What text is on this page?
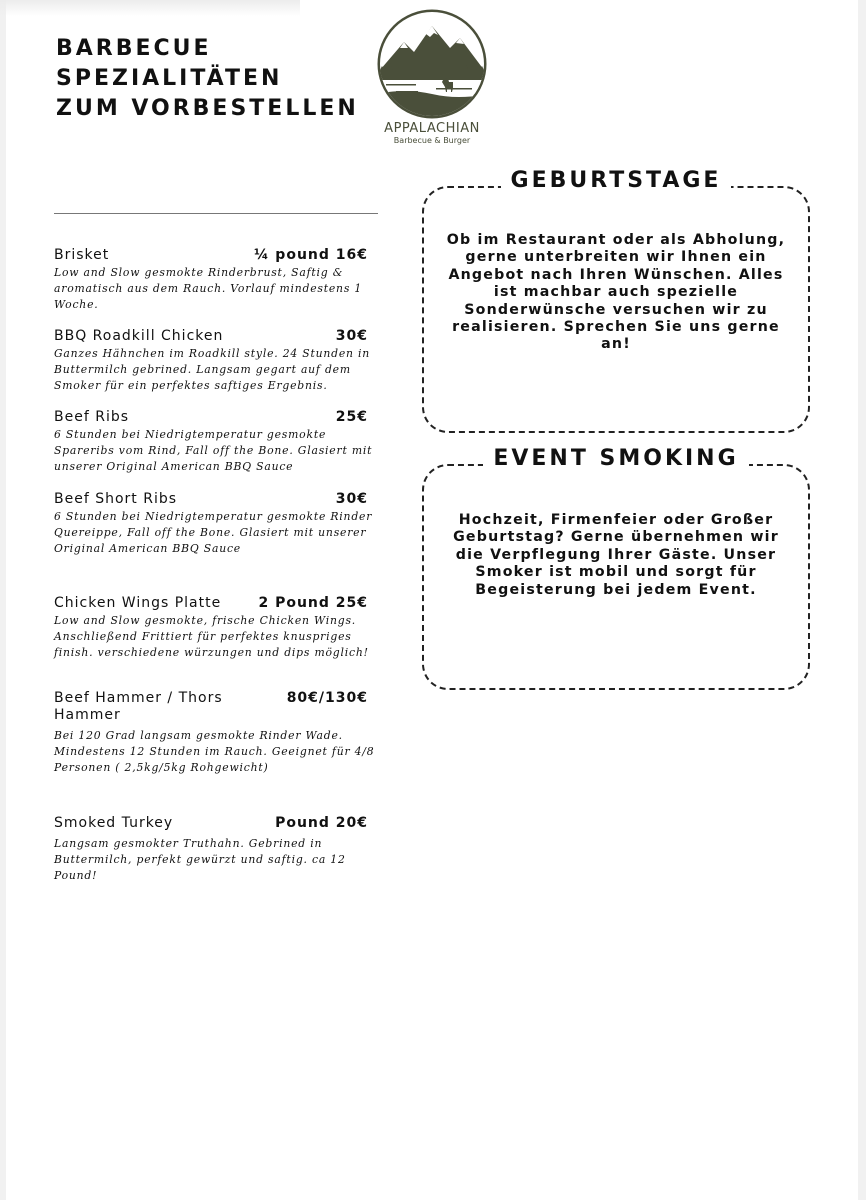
BARBECUE
SPEZIALITÄTEN
ZUM VORBESTELLEN
APPALACHIAN
Barbecue & Burger
Brisket	¼ pound 16€
Low and Slow gesmokte Rinderbrust, Saftig & aromatisch aus dem Rauch. Vorlauf mindestens 1 Woche.
BBQ Roadkill Chicken	30€
Ganzes Hähnchen im Roadkill style. 24 Stunden in Buttermilch gebrined. Langsam gegart auf dem Smoker für ein perfektes saftiges Ergebnis.
Beef Ribs	25€
6 Stunden bei Niedrigtemperatur gesmokte Spareribs vom Rind, Fall off the Bone. Glasiert mit unserer Original American BBQ Sauce
Beef Short Ribs	30€
6 Stunden bei Niedrigtemperatur gesmokte Rinder Quereippe, Fall off the Bone. Glasiert mit unserer Original American BBQ Sauce
Chicken Wings Platte	2 Pound 25€
Low and Slow gesmokte, frische Chicken Wings. Anschließend Frittiert für perfektes knuspriges finish. verschiedene würzungen und dips möglich!
Beef Hammer / Thors Hammer
80€/130€
Bei 120 Grad langsam gesmokte Rinder Wade. Mindestens 12 Stunden im Rauch. Geeignet für 4/8 Personen ( 2,5kg/5kg Rohgewicht)
Smoked Turkey	Pound 20€
Langsam gesmokter Truthahn. Gebrined in Buttermilch, perfekt gewürzt und saftig. ca 12 Pound!
GEBURTSTAGE
Ob im Restaurant oder als Abholung, gerne unterbreiten wir Ihnen ein Angebot nach Ihren Wünschen. Alles ist machbar auch spezielle Sonderwünsche versuchen wir zu realisieren. Sprechen Sie uns gerne an!
EVENT SMOKING
Hochzeit, Firmenfeier oder Großer Geburtstag? Gerne übernehmen wir die Verpflegung Ihrer Gäste. Unser Smoker ist mobil und sorgt für Begeisterung bei jedem Event.
